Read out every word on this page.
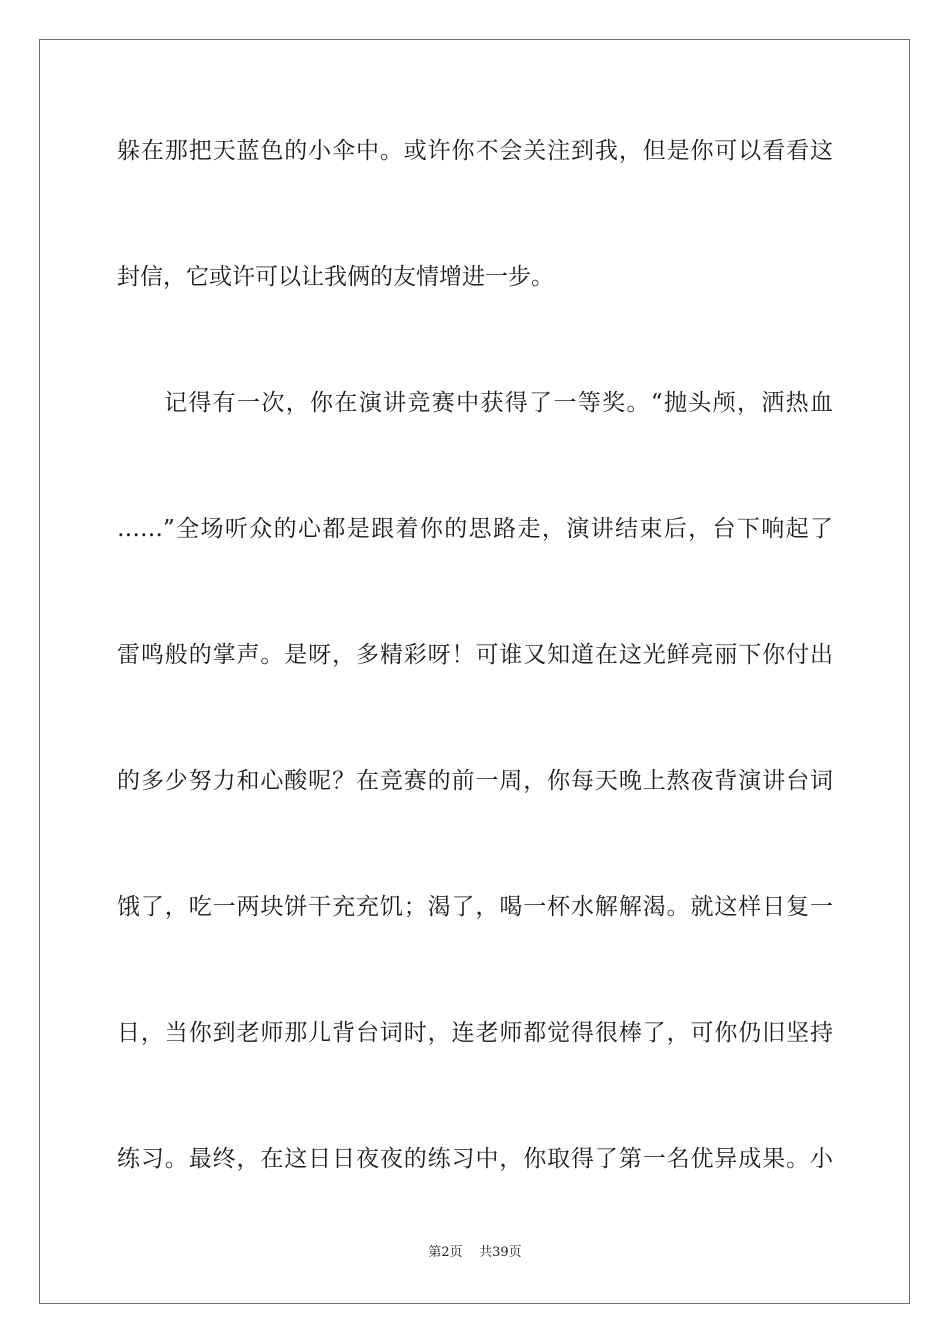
躲在那把天蓝色的小伞中。或许你不会关注到我，但是你可以看看这
封信，它或许可以让我俩的友情增进一步。
记得有一次，你在演讲竞赛中获得了一等奖。“抛头颅，洒热血
……”全场听众的心都是跟着你的思路走，演讲结束后，台下响起了
雷鸣般的掌声。是呀，多精彩呀！可谁又知道在这光鲜亮丽下你付出
的多少努力和心酸呢？在竞赛的前一周，你每天晚上熬夜背演讲台词
饿了，吃一两块饼干充充饥；渴了，喝一杯水解解渴。就这样日复一
日，当你到老师那儿背台词时，连老师都觉得很棒了，可你仍旧坚持
练习。最终，在这日日夜夜的练习中，你取得了第一名优异成果。小
第2页 共39页
